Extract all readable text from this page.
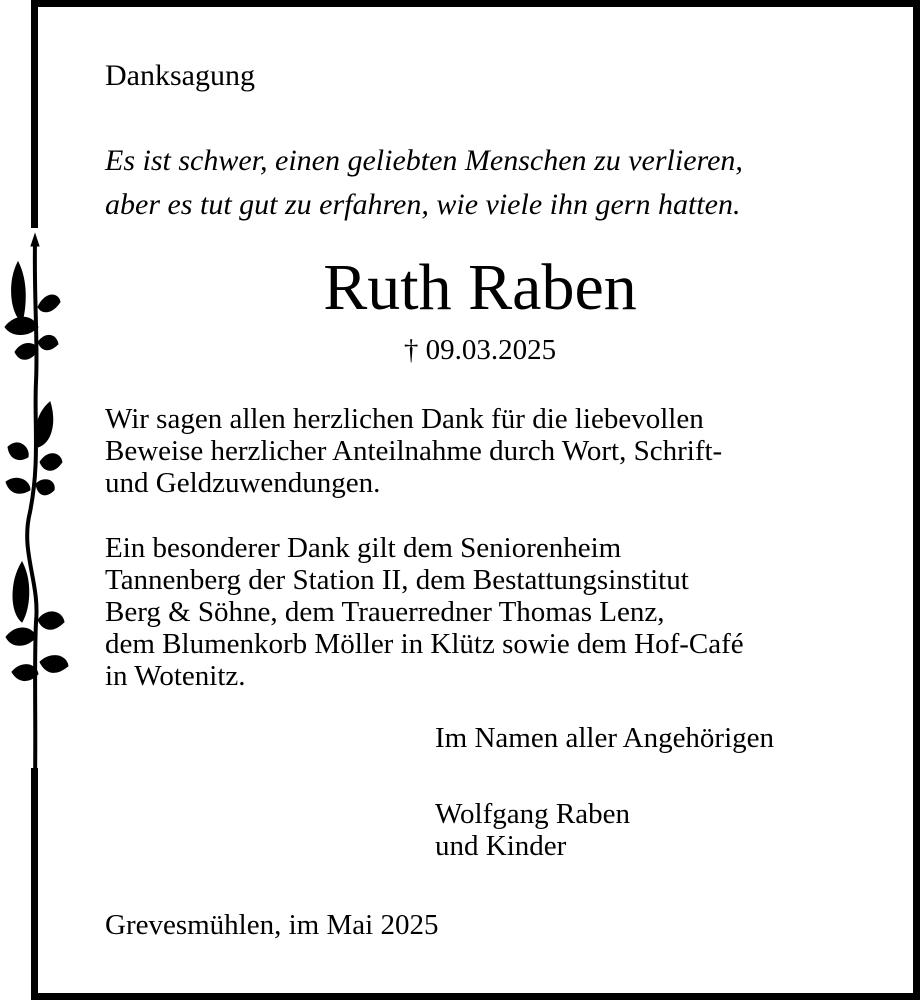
Danksagung
Es ist schwer, einen geliebten Menschen zu verlieren,
aber es tut gut zu erfahren, wie viele ihn gern hatten.
Ruth Raben
† 09.03.2025
Wir sagen allen herzlichen Dank für die liebevollen
Beweise herzlicher Anteilnahme durch Wort, Schrift-
und Geldzuwendungen.
Ein besonderer Dank gilt dem Seniorenheim
Tannenberg der Station II, dem Bestattungsinstitut
Berg & Söhne, dem Trauerredner Thomas Lenz,
dem Blumenkorb Möller in Klütz sowie dem Hof-Café
in Wotenitz.
Im Namen aller Angehörigen
Wolfgang Raben
und Kinder
Grevesmühlen, im Mai 2025
